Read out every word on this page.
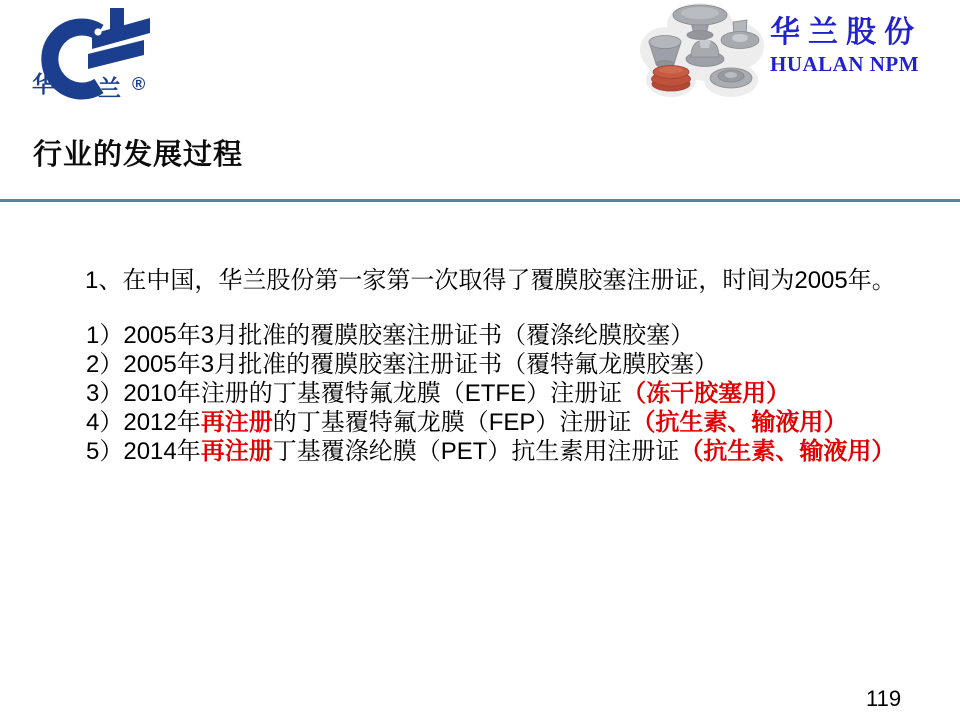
华 兰 ®
华兰股份
HUALAN NPM
行业的发展过程

1、在中国，华兰股份第一家第一次取得了覆膜胶塞注册证，时间为2005年。

1）2005年3月批准的覆膜胶塞注册证书（覆涤纶膜胶塞）
2）2005年3月批准的覆膜胶塞注册证书（覆特氟龙膜胶塞）
3）2010年注册的丁基覆特氟龙膜（ETFE）注册证（冻干胶塞用）
4）2012年再注册的丁基覆特氟龙膜（FEP）注册证（抗生素、输液用）
5）2014年再注册丁基覆涤纶膜（PET）抗生素用注册证（抗生素、输液用）
119
